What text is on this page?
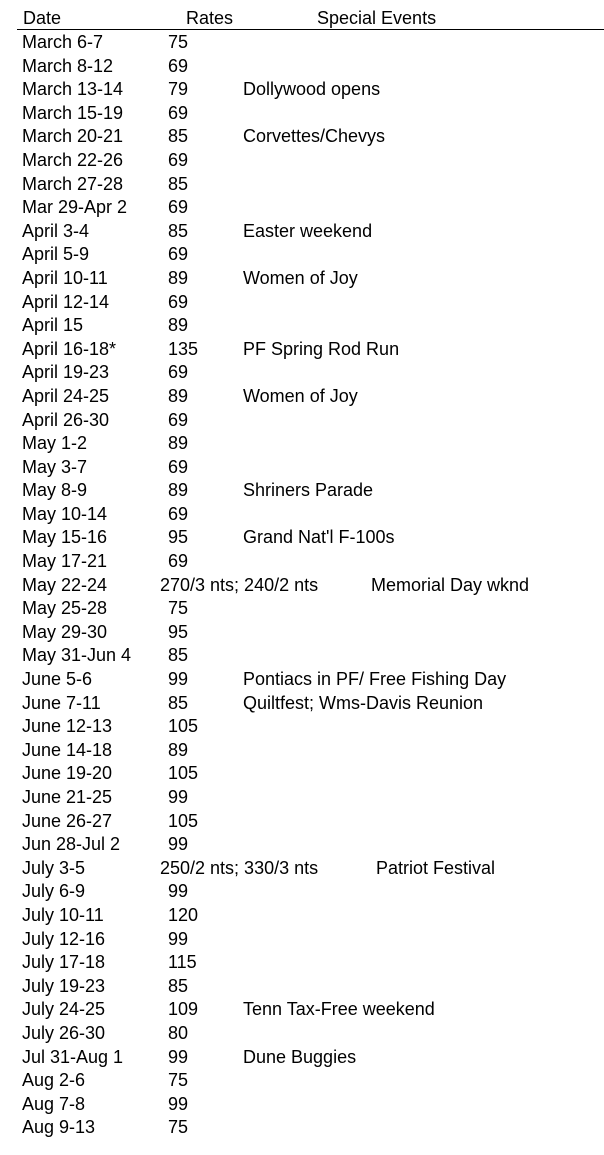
Date	Rates	Special Events
March 6-7	75
March 8-12	69
March 13-14 79	Dollywood opens
March 15-19 69
March 20-21 85	Corvettes/Chevys
March 22-26 69
March 27-28 85
Mar 29-Apr 2 69
April 3-4	85	Easter weekend
April 5-9	69
April 10-11	89	Women of Joy
April 12-14	69
April 15	89
April 16-18*	135 PF Spring Rod Run
April 19-23	69
April 24-25	89	Women of Joy
April 26-30	69
May 1-2	89
May 3-7	69
May 8-9	89	Shriners Parade
May 10-14	69
May 15-16	95	Grand Nat'l F-100s
May 17-21	69
May 22-24	270/3 nts; 240/2 nts	Memorial Day wknd
May 25-28	75
May 29-30	95
May 31-Jun 4 85
June 5-6	99	Pontiacs in PF/ Free Fishing Day
June 7-11	85	Quiltfest; Wms-Davis Reunion
June 12-13	105
June 14-18	89
June 19-20	105
June 21-25	99
June 26-27	105
Jun 28-Jul 2	99
July 3-5	250/2 nts; 330/3 nts	Patriot Festival
July 6-9	99
July 10-11	120
July 12-16	99
July 17-18	115
July 19-23	85
July 24-25	109 Tenn Tax-Free weekend
July 26-30	80
Jul 31-Aug 1 99	Dune Buggies
Aug 2-6	75
Aug 7-8	99
Aug 9-13	75
